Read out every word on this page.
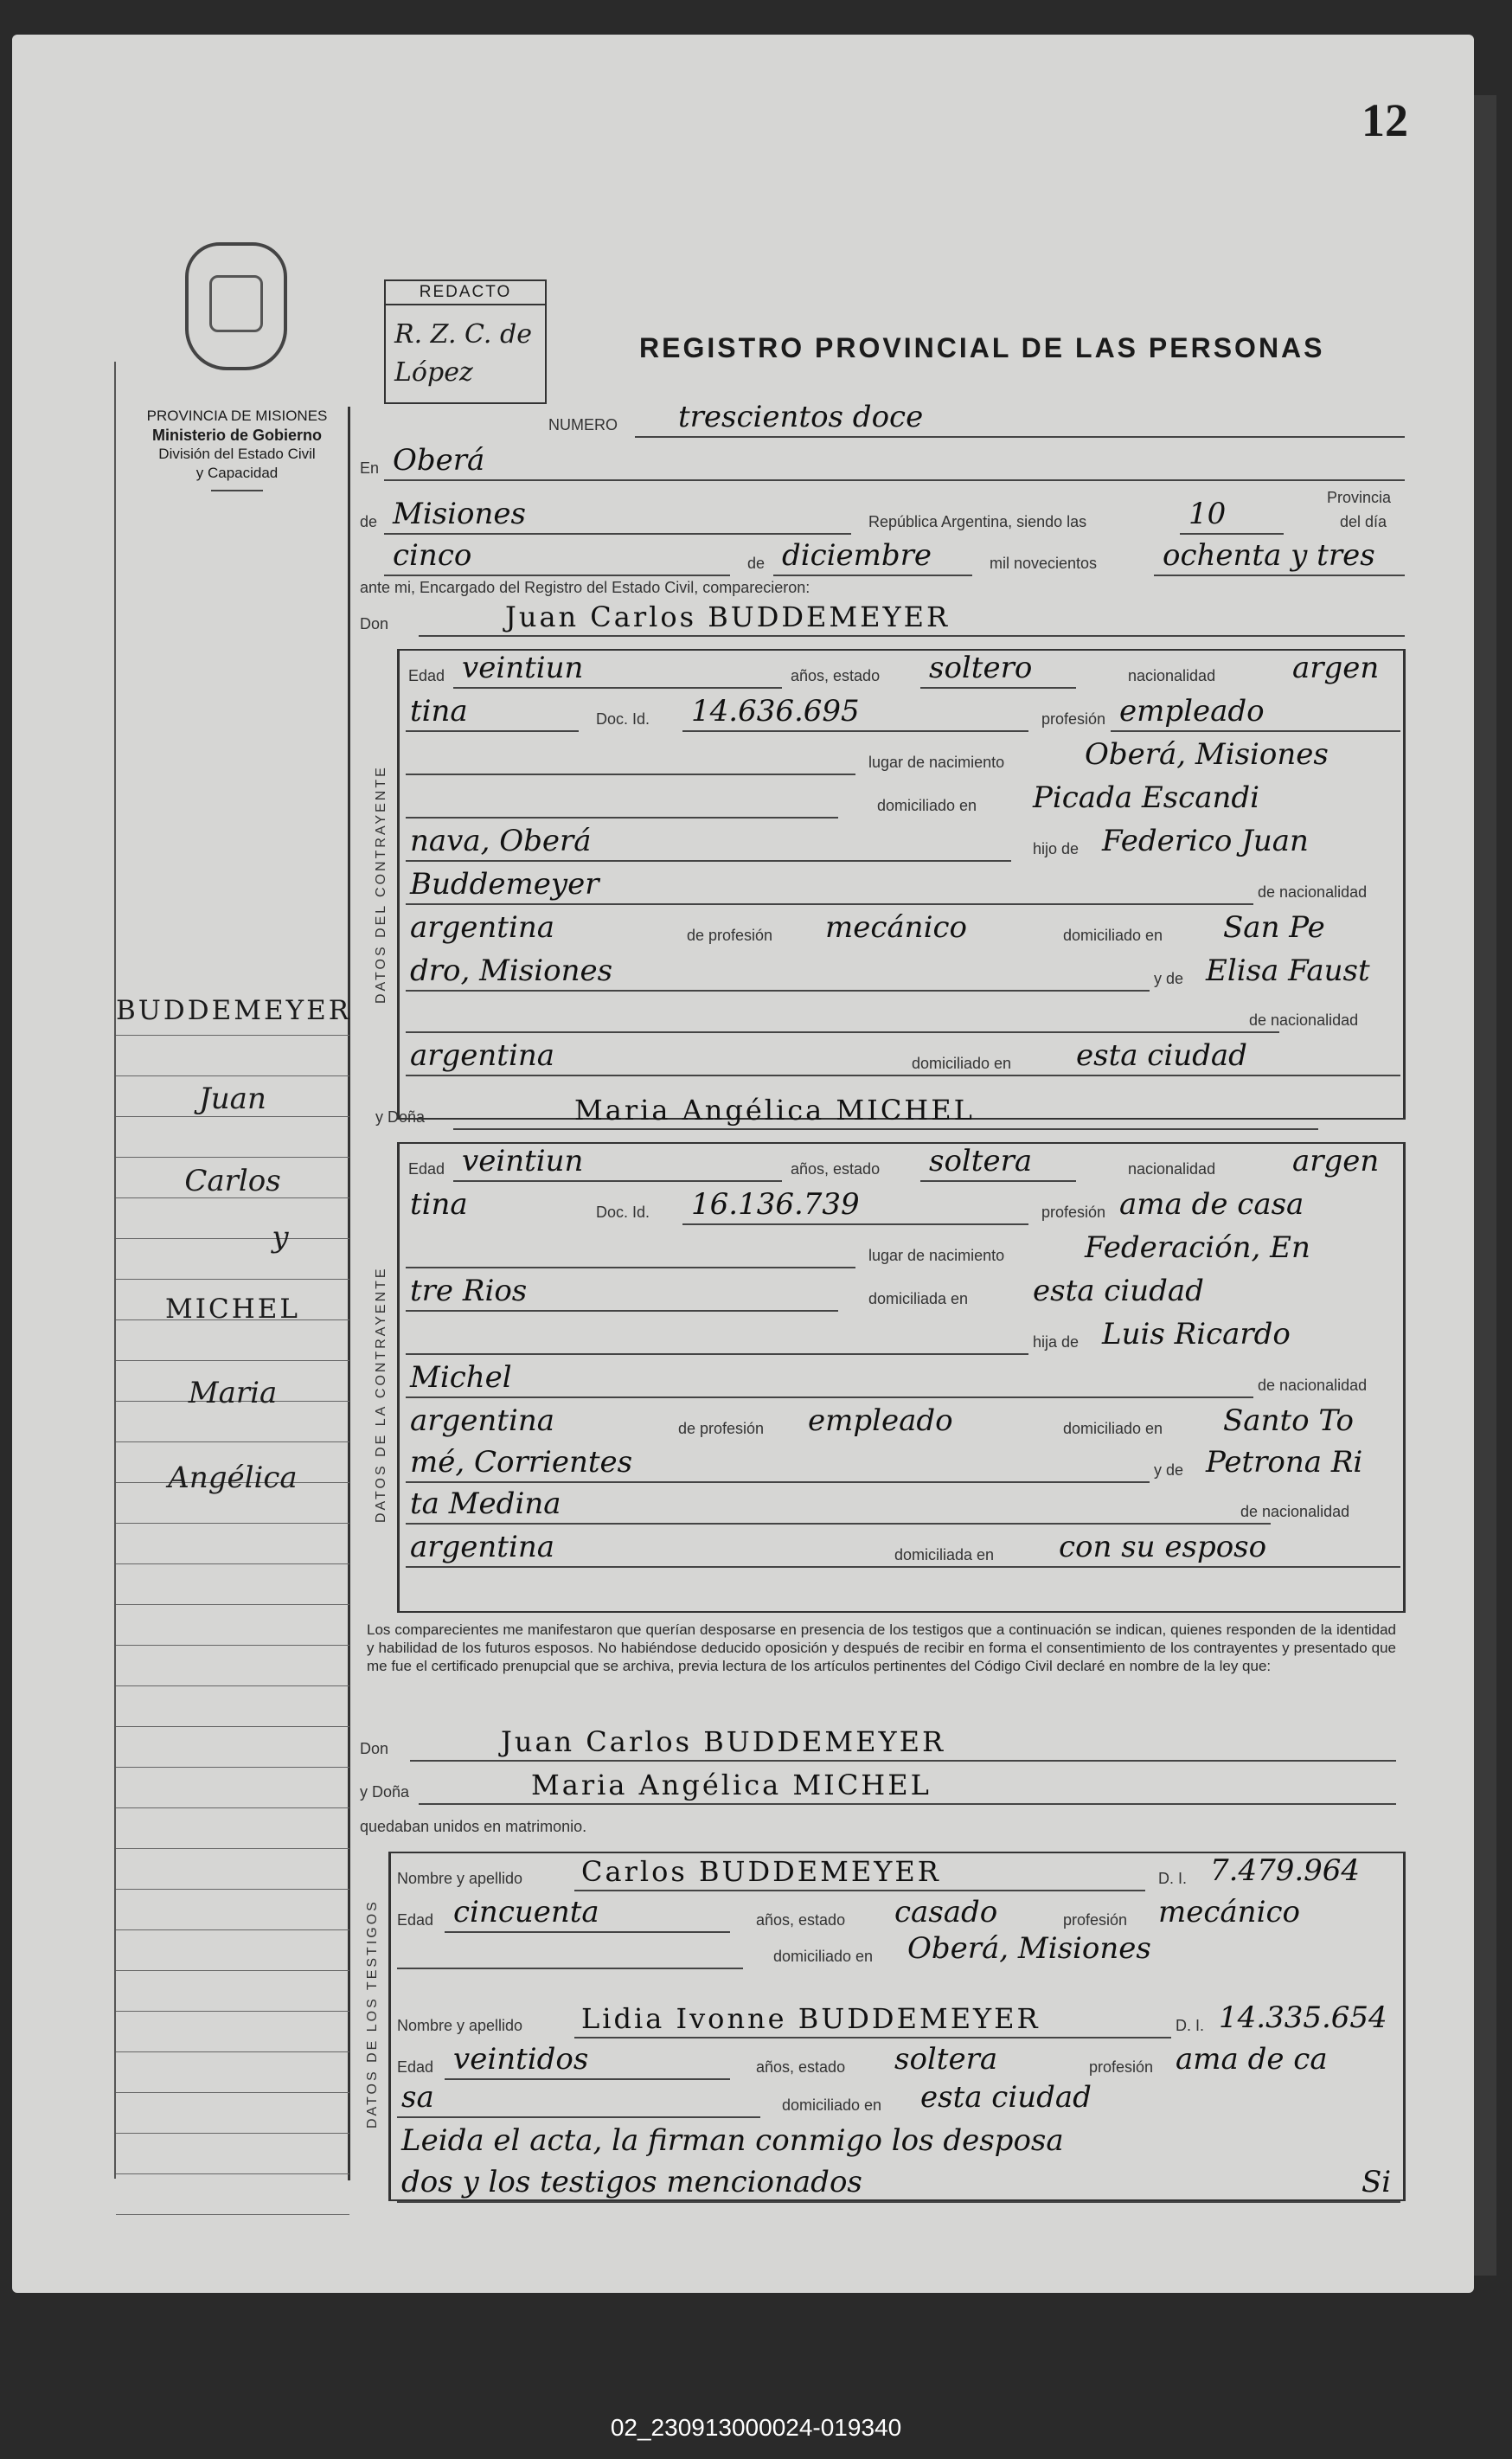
12
PROVINCIA DE MISIONES
Ministerio de Gobierno
División del Estado Civil
y Capacidad
REDACTO
R. Z. C. de
López
REGISTRO PROVINCIAL DE LAS PERSONAS
BUDDEMEYER
Juan
Carlos
y
MICHEL
Maria
Angélica
NUMERO trescientos doce
En Oberá
Provincia
de Misiones	República Argentina, siendo las	10	del día
cinco	de diciembre	mil novecientos ochenta y tres
ante mi, Encargado del Registro del Estado Civil, comparecieron:
Don	Juan Carlos BUDDEMEYER
DATOS DEL CONTRAYENTE
Edad veintiun	años, estado soltero	nacionalidad	argen
tina	Doc. Id. 14.636.695	profesión empleado
lugar de nacimiento	Oberá, Misiones
domiciliado en Picada Escandi
nava, Oberá	hijo de Federico Juan
Buddemeyer	de nacionalidad
argentina	de profesión mecánico	domiciliado en San Pe
dro, Misiones	y de Elisa Faust
de nacionalidad
argentina	domiciliado en esta ciudad
y Doña	Maria Angélica MICHEL
DATOS DE LA CONTRAYENTE
Edad veintiun	años, estado soltera	nacionalidad	argen
tina	Doc. Id. 16.136.739	profesión ama de casa
lugar de nacimiento	Federación, En
tre Rios	domiciliada en esta ciudad
hija de Luis Ricardo
Michel	de nacionalidad
argentina	de profesión empleado	domiciliado en Santo To
mé, Corrientes	y de Petrona Ri
ta Medina	de nacionalidad
argentina	domiciliada en con su esposo
Don	Juan Carlos BUDDEMEYER
y Doña	Maria Angélica MICHEL
quedaban unidos en matrimonio.
DATOS DE LOS TESTIGOS
Nombre y apellido Carlos BUDDEMEYER	D. I. 7.479.964
Edad cincuenta	años, estado casado	profesión mecánico
domiciliado en Oberá, Misiones
Nombre y apellido Lidia Ivonne BUDDEMEYER	D. I. 14.335.654
Edad veintidos	años, estado soltera	profesión ama de ca
sa	domiciliado en esta ciudad
Leida el acta, la firman conmigo los desposa
dos y los testigos mencionados	Si
Los comparecientes me manifestaron que querían desposarse en presencia de los testigos que a continuación se indican, quienes responden de la identidad y habilidad de los futuros esposos. No habiéndose deducido oposición y después de recibir en forma el consentimiento de los contrayentes y presentado que me fue el certificado prenupcial que se archiva, previa lectura de los artículos pertinentes del Código Civil declaré en nombre de la ley que:
02_230913000024-019340
